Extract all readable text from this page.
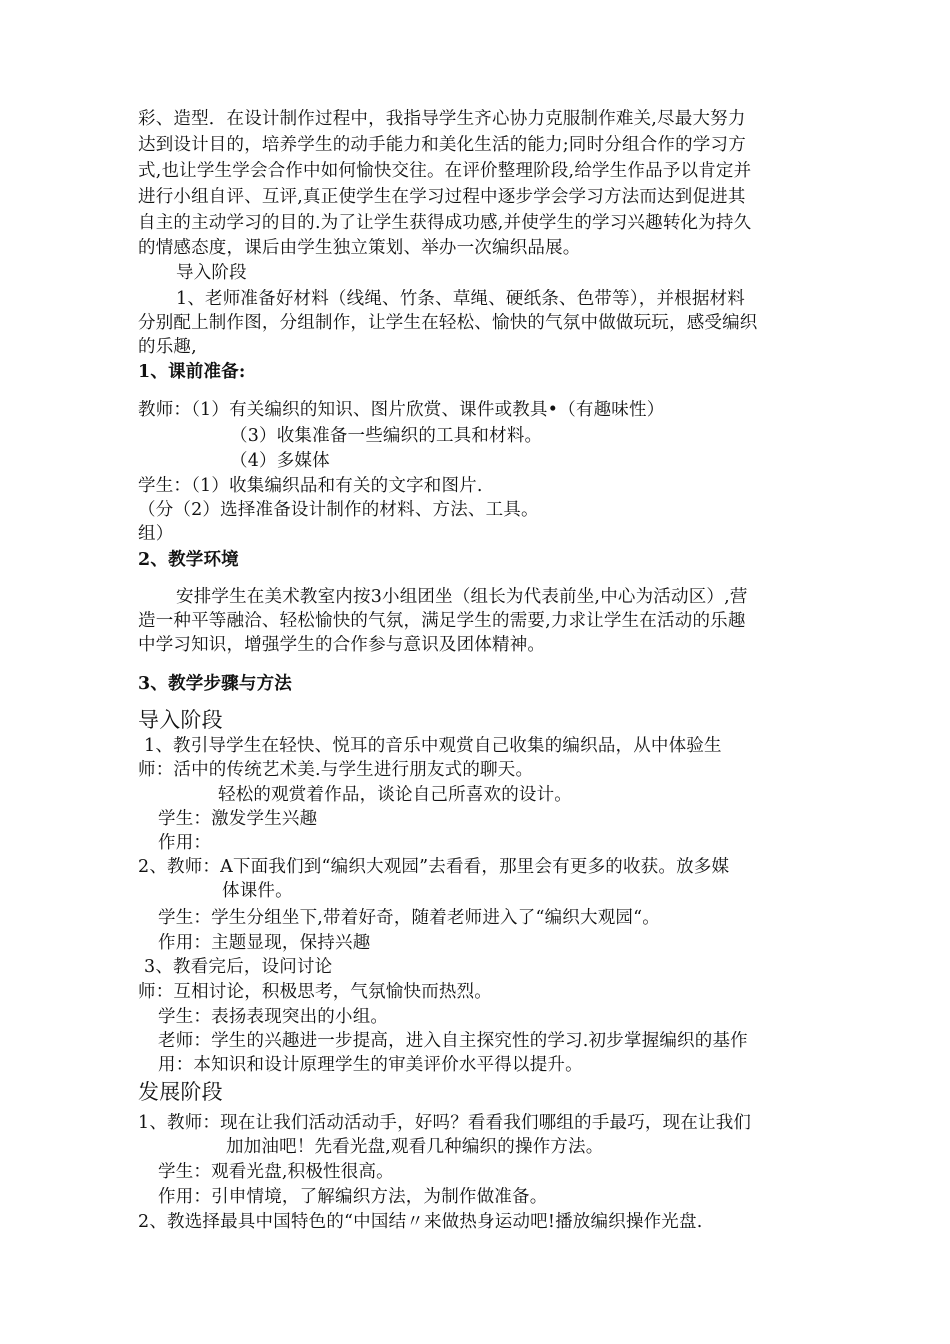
彩、造型．在设计制作过程中，我指导学生齐心协力克服制作难关,尽最大努力
达到设计目的，培养学生的动手能力和美化生活的能力;同时分组合作的学习方
式,也让学生学会合作中如何愉快交往。在评价整理阶段,给学生作品予以肯定并
进行小组自评、互评,真正使学生在学习过程中逐步学会学习方法而达到促进其
自主的主动学习的目的.为了让学生获得成功感,并使学生的学习兴趣转化为持久
的情感态度，课后由学生独立策划、举办一次编织品展。
导入阶段
1、老师准备好材料（线绳、竹条、草绳、硬纸条、色带等），并根据材料
分别配上制作图，分组制作，让学生在轻松、愉快的气氛中做做玩玩，感受编织
的乐趣,
1、课前准备:
教师：（1）有关编织的知识、图片欣赏、课件或教具•（有趣味性）
（3）收集准备一些编织的工具和材料。
（4）多媒体
学生：（1）收集编织品和有关的文字和图片.
（分（2）选择准备设计制作的材料、方法、工具。
组）
2、教学环境
安排学生在美术教室内按3小组团坐（组长为代表前坐,中心为活动区）,营
造一种平等融洽、轻松愉快的气氛，满足学生的需要,力求让学生在活动的乐趣
中学习知识，增强学生的合作参与意识及团体精神。
3、教学步骤与方法
导入阶段
1、教引导学生在轻快、悦耳的音乐中观赏自己收集的编织品，从中体验生
师：活中的传统艺术美.与学生进行朋友式的聊天。
轻松的观赏着作品，谈论自己所喜欢的设计。
学生：激发学生兴趣
作用：
2、教师：A下面我们到“编织大观园”去看看，那里会有更多的收获。放多媒
体课件。
学生：学生分组坐下,带着好奇，随着老师进入了“编织大观园“。
作用：主题显现，保持兴趣
3、教看完后，设问讨论
师：互相讨论，积极思考，气氛愉快而热烈。
学生：表扬表现突出的小组。
老师：学生的兴趣进一步提高，进入自主探究性的学习.初步掌握编织的基作
用：本知识和设计原理学生的审美评价水平得以提升。
发展阶段
1、教师：现在让我们活动活动手，好吗？看看我们哪组的手最巧，现在让我们
加加油吧！先看光盘,观看几种编织的操作方法。
学生：观看光盘,积极性很高。
作用：引申情境，了解编织方法，为制作做准备。
2、教选择最具中国特色的“中国结〃来做热身运动吧!播放编织操作光盘.
